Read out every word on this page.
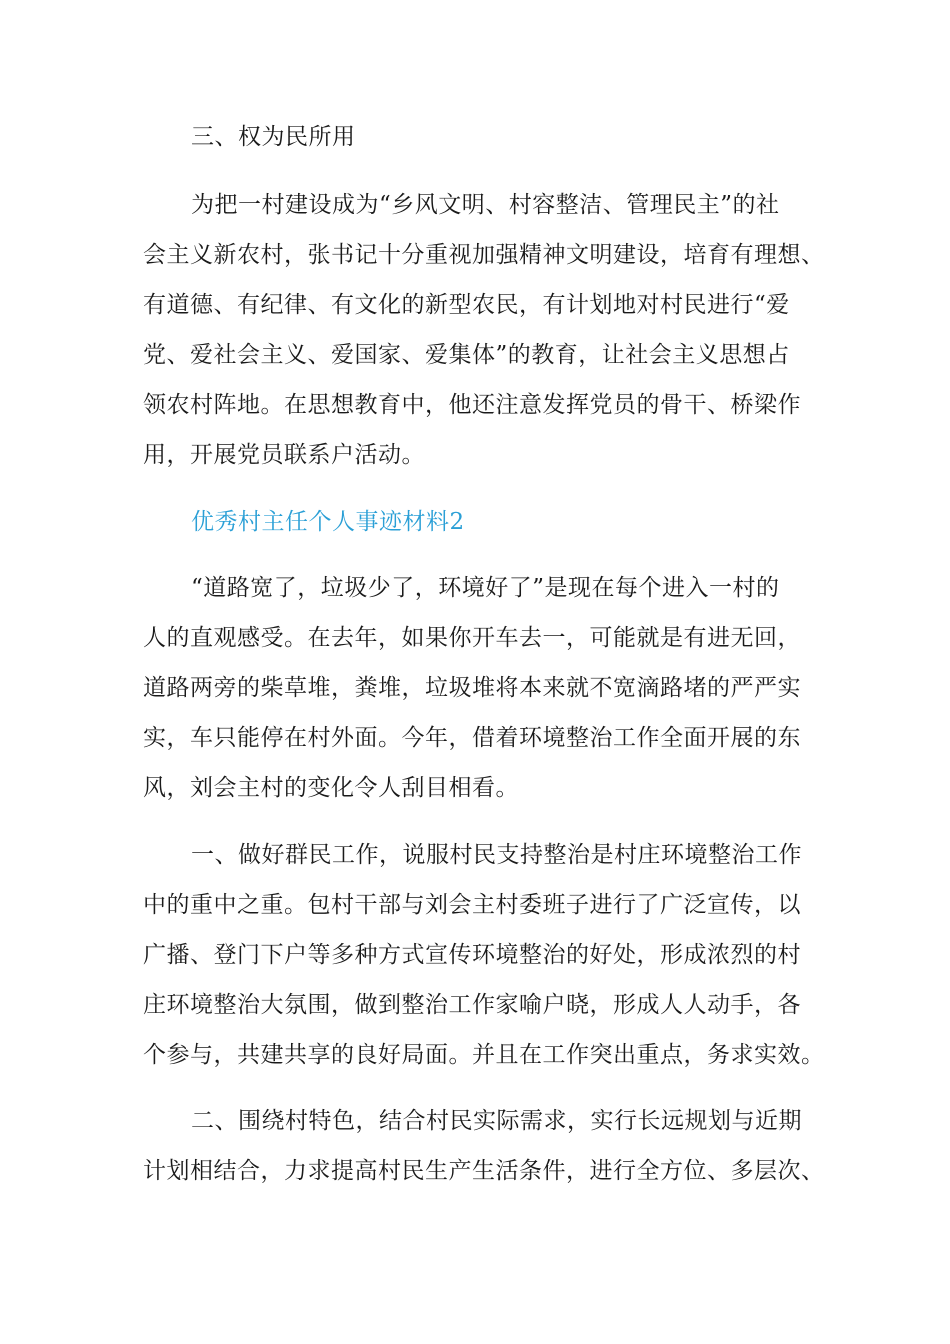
三、权为民所用
为把一村建设成为“乡风文明、村容整洁、管理民主”的社
会主义新农村，张书记十分重视加强精神文明建设，培育有理想、
有道德、有纪律、有文化的新型农民，有计划地对村民进行“爱
党、爱社会主义、爱国家、爱集体”的教育，让社会主义思想占
领农村阵地。在思想教育中，他还注意发挥党员的骨干、桥梁作
用，开展党员联系户活动。
优秀村主任个人事迹材料2
“道路宽了，垃圾少了，环境好了”是现在每个进入一村的
人的直观感受。在去年，如果你开车去一，可能就是有进无回，
道路两旁的柴草堆，粪堆，垃圾堆将本来就不宽滴路堵的严严实
实，车只能停在村外面。今年，借着环境整治工作全面开展的东
风，刘会主村的变化令人刮目相看。
一、做好群民工作，说服村民支持整治是村庄环境整治工作
中的重中之重。包村干部与刘会主村委班子进行了广泛宣传，以
广播、登门下户等多种方式宣传环境整治的好处，形成浓烈的村
庄环境整治大氛围，做到整治工作家喻户晓，形成人人动手，各
个参与，共建共享的良好局面。并且在工作突出重点，务求实效。
二、围绕村特色，结合村民实际需求，实行长远规划与近期
计划相结合，力求提高村民生产生活条件，进行全方位、多层次、
